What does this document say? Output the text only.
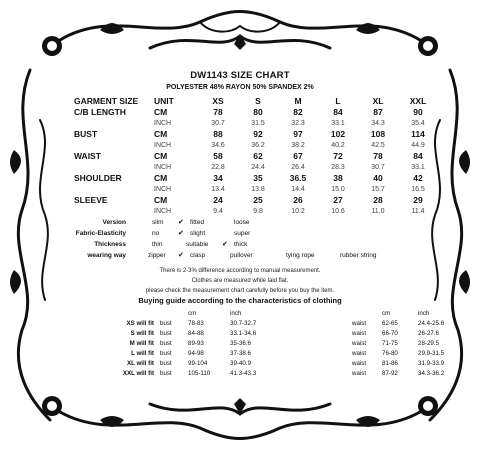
DW1143 SIZE CHART
POLYESTER 48% RAYON 50% SPANDEX 2%
GARMENT SIZE	UNIT	XS	S	M	L	XL	XXL
C/B LENGTH	CM	78	80	82	84	87	90
	INCH	30.7	31.5	32.3	33.1	34.3	35.4
BUST	CM	88	92	97	102	108	114
	INCH	34.6	36.2	38.2	40.2	42.5	44.9
WAIST	CM	58	62	67	72	78	84
	INCH	22.8	24.4	26.4	28.3	30.7	33.1
SHOULDER	CM	34	35	36.5	38	40	42
	INCH	13.4	13.8	14.4	15.0	15.7	16.5
SLEEVE	CM	24	25	26	27	28	29
	INCH	9.4	9.8	10.2	10.6	11.0	11.4
Version	slim ✔ fitted	loose
Fabric-Elasticity	no	✔ slight	super
Thickness	thin	suitable ✔ thick
wearing way	zipper ✔ clasp	pullover	tying rope	rubber string
There is 2-3% difference according to manual measurement.
Clothes are measured while laid flat.
please check the measurement chart carefully before you buy the item.
Buying guide according to the characteristics of clothing
		cm	inch		cm	inch
XS will fit	bust	78-83	30.7-32.7	waist	62-65	24.4-25.6
S will fit	bust	84-88	33.1-34.6	waist	66-70	26-27.6
M will fit	bust	89-93	35-36.6	waist	71-75	28-29.5
L will fit	bust	94-98	37-38.6	waist	76-80	29.9-31.5
XL will fit	bust	99-104	39-40.9	waist	81-86	31.9-33.9
XXL will fit	bust	105-110	41.3-43.3	waist	87-92	34.3-36.2
